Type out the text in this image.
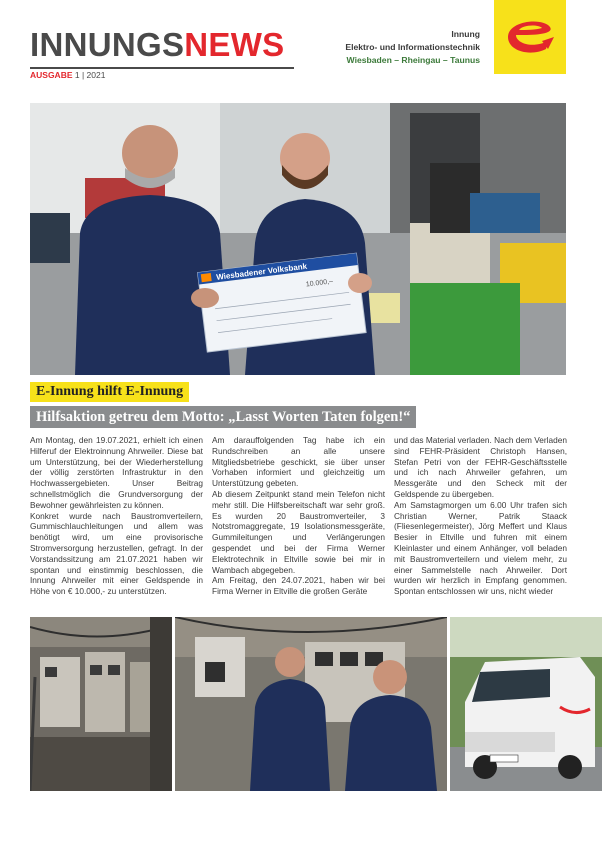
INNUNGSNEWS
AUSGABE 1 | 2021
Innung
Elektro- und Informationstechnik
Wiesbaden – Rheingau – Taunus
Wiesbadener Volksbank
10.000,–
E-Innung hilft E-Innung
Hilfsaktion getreu dem Motto: „Lasst Worten Taten folgen!“

Am Montag, den 19.07.2021, erhielt ich einen Hilferuf der Elektroinnung Ahrweiler. Diese bat um Unterstützung, bei der Wiederherstellung der völlig zerstörten Infrastruktur in den Hochwassergebieten. Unser Beitrag schnellstmöglich die Grundversorgung der Bewohner gewährleisten zu können.

Konkret wurde nach Baustromverteilern, Gummischlauchleitungen und allem was benötigt wird, um eine provisorische Stromversorgung herzustellen, gefragt. In der Vorstandssitzung am 21.07.2021 haben wir spontan und einstimmig beschlossen, die Innung Ahrweiler mit einer Geldspende in Höhe von € 10.000,- zu unterstützen.

Am darauffolgenden Tag habe ich ein Rundschreiben an alle unsere Mitgliedsbetriebe geschickt, sie über unser Vorhaben informiert und gleichzeitig um Unterstützung gebeten.

Ab diesem Zeitpunkt stand mein Telefon nicht mehr still. Die Hilfsbereitschaft war sehr groß. Es wurden 20 Baustromverteiler, 3 Notstromaggregate, 19 Isolationsmessgeräte, Gummileitungen und Verlängerungen gespendet und bei der Firma Werner Elektrotechnik in Eltville sowie bei mir in Wambach abgegeben.

Am Freitag, den 24.07.2021, haben wir bei Firma Werner in Eltville die großen Geräte

und das Material verladen. Nach dem Verladen sind FEHR-Präsident Christoph Hansen, Stefan Petri von der FEHR-Geschäftsstelle und ich nach Ahrweiler gefahren, um Messgeräte und den Scheck mit der Geldspende zu übergeben.

Am Samstagmorgen um 6.00 Uhr trafen sich Christian Werner, Patrik Staack (Fliesenlegermeister), Jörg Meffert und Klaus Besier in Eltville und fuhren mit einem Kleinlaster und einem Anhänger, voll beladen mit Baustromverteilern und vielem mehr, zu einer Sammelstelle nach Ahrweiler. Dort wurden wir herzlich in Empfang genommen. Spontan entschlossen wir uns, nicht wieder
